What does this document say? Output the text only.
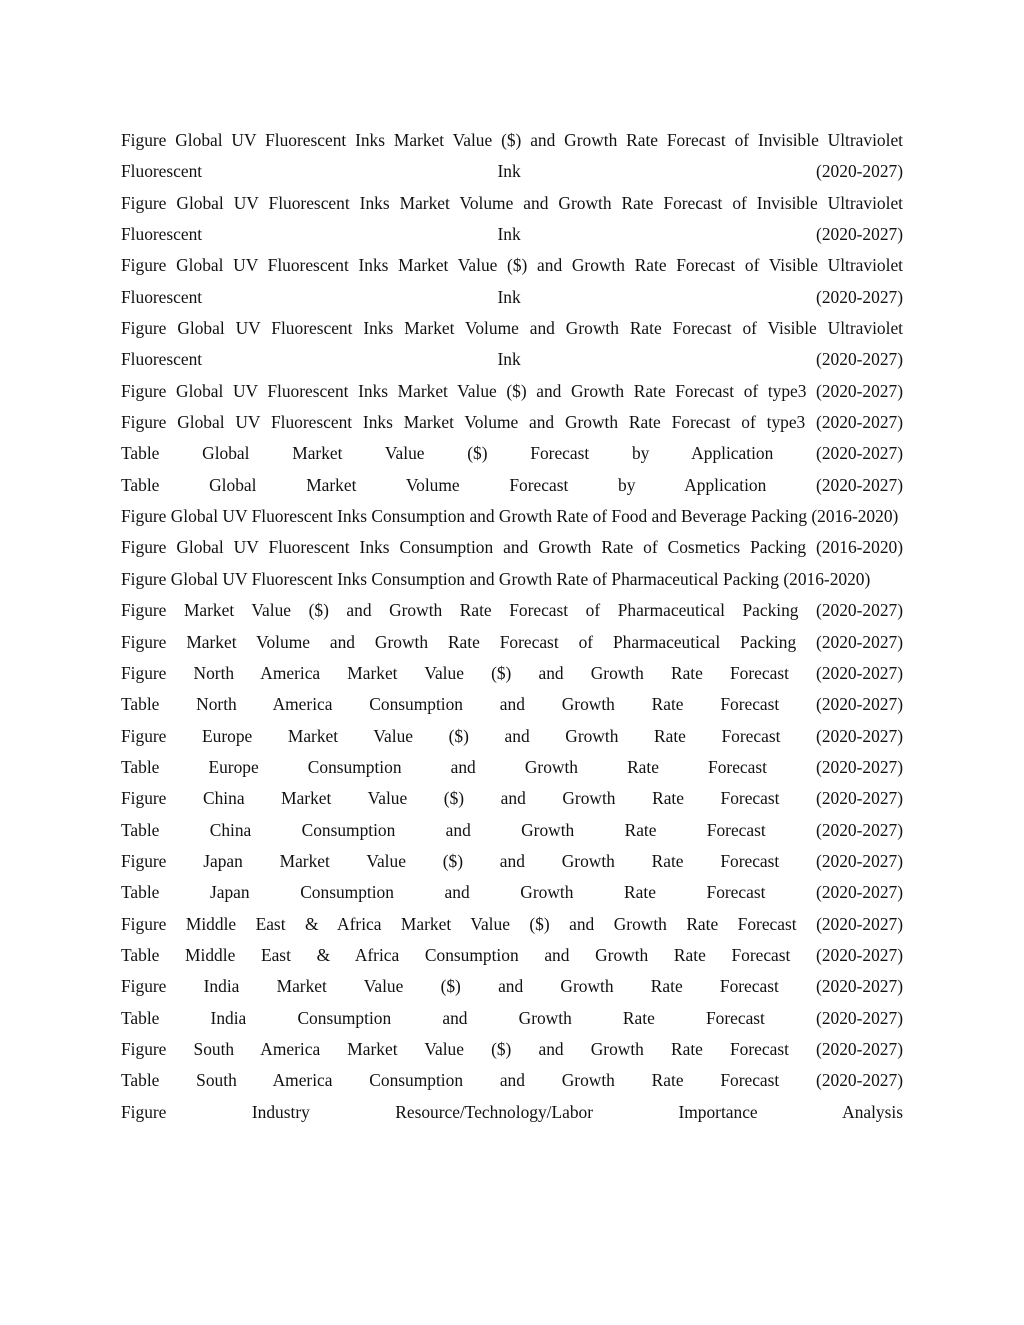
Figure Global UV Fluorescent Inks Market Value ($) and Growth Rate Forecast of Invisible Ultraviolet Fluorescent Ink (2020-2027)
Figure Global UV Fluorescent Inks Market Volume and Growth Rate Forecast of Invisible Ultraviolet Fluorescent Ink (2020-2027)
Figure Global UV Fluorescent Inks Market Value ($) and Growth Rate Forecast of Visible Ultraviolet Fluorescent Ink (2020-2027)
Figure Global UV Fluorescent Inks Market Volume and Growth Rate Forecast of Visible Ultraviolet Fluorescent Ink (2020-2027)
Figure Global UV Fluorescent Inks Market Value ($) and Growth Rate Forecast of type3 (2020-2027)
Figure Global UV Fluorescent Inks Market Volume and Growth Rate Forecast of type3 (2020-2027)
Table Global Market Value ($) Forecast by Application (2020-2027)
Table Global Market Volume Forecast by Application (2020-2027)
Figure Global UV Fluorescent Inks Consumption and Growth Rate of Food and Beverage Packing (2016-2020)
Figure Global UV Fluorescent Inks Consumption and Growth Rate of Cosmetics Packing (2016-2020)
Figure Global UV Fluorescent Inks Consumption and Growth Rate of Pharmaceutical Packing (2016-2020)
Figure Market Value ($) and Growth Rate Forecast of Pharmaceutical Packing (2020-2027)
Figure Market Volume and Growth Rate Forecast of Pharmaceutical Packing (2020-2027)
Figure North America Market Value ($) and Growth Rate Forecast (2020-2027)
Table North America Consumption and Growth Rate Forecast (2020-2027)
Figure Europe Market Value ($) and Growth Rate Forecast (2020-2027)
Table Europe Consumption and Growth Rate Forecast (2020-2027)
Figure China Market Value ($) and Growth Rate Forecast (2020-2027)
Table China Consumption and Growth Rate Forecast (2020-2027)
Figure Japan Market Value ($) and Growth Rate Forecast (2020-2027)
Table Japan Consumption and Growth Rate Forecast (2020-2027)
Figure Middle East & Africa Market Value ($) and Growth Rate Forecast (2020-2027)
Table Middle East & Africa Consumption and Growth Rate Forecast (2020-2027)
Figure India Market Value ($) and Growth Rate Forecast (2020-2027)
Table India Consumption and Growth Rate Forecast (2020-2027)
Figure South America Market Value ($) and Growth Rate Forecast (2020-2027)
Table South America Consumption and Growth Rate Forecast (2020-2027)
Figure Industry Resource/Technology/Labor Importance Analysis
